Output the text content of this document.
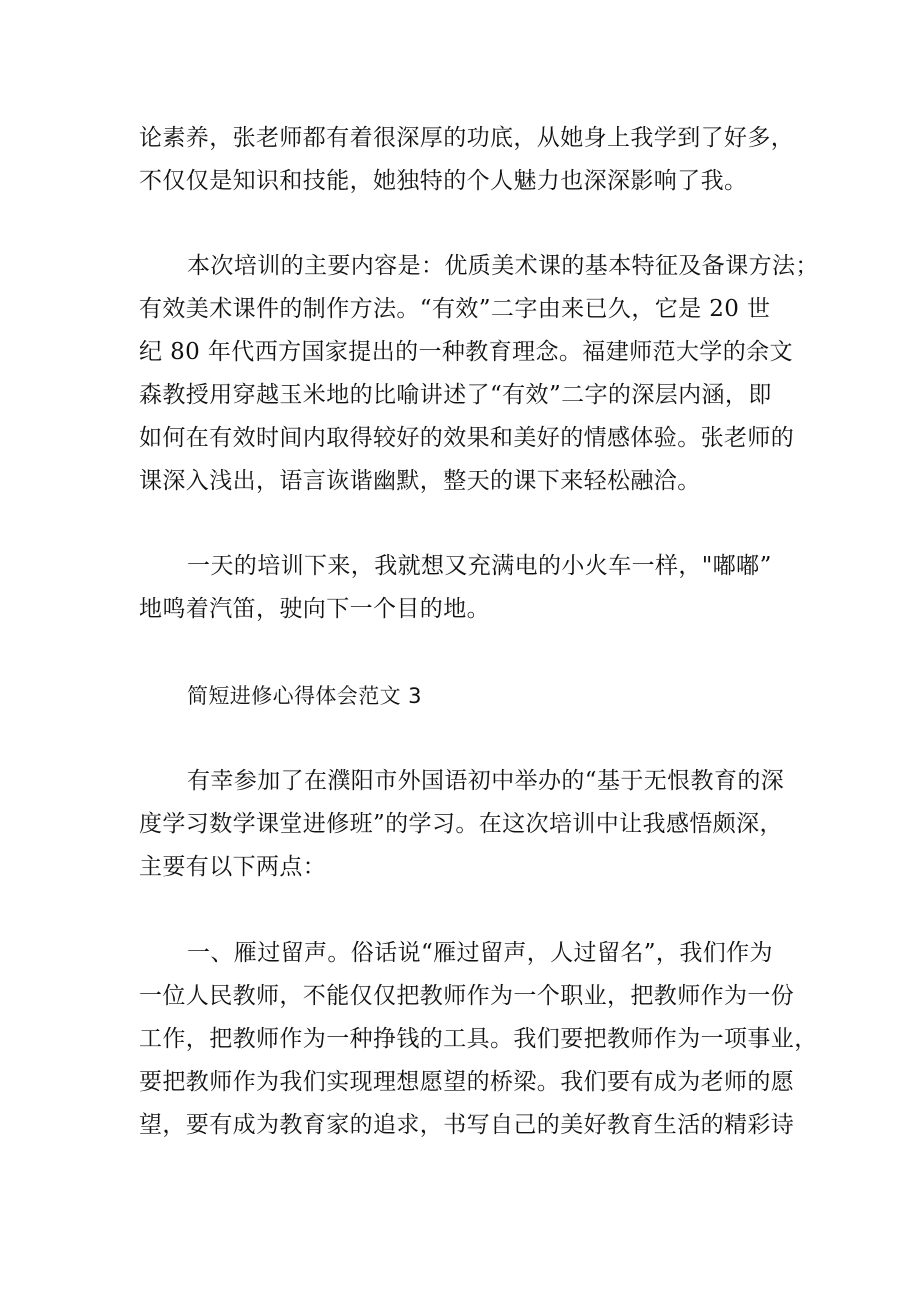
论素养，张老师都有着很深厚的功底，从她身上我学到了好多，
不仅仅是知识和技能，她独特的个人魅力也深深影响了我。
本次培训的主要内容是：优质美术课的基本特征及备课方法；
有效美术课件的制作方法。“有效”二字由来已久，它是 20 世
纪 80 年代西方国家提出的一种教育理念。福建师范大学的余文
森教授用穿越玉米地的比喻讲述了“有效”二字的深层内涵，即
如何在有效时间内取得较好的效果和美好的情感体验。张老师的
课深入浅出，语言诙谐幽默，整天的课下来轻松融洽。
一天的培训下来，我就想又充满电的小火车一样，"嘟嘟”
地鸣着汽笛，驶向下一个目的地。
简短进修心得体会范文 3
有幸参加了在濮阳市外国语初中举办的“基于无恨教育的深
度学习数学课堂进修班”的学习。在这次培训中让我感悟颇深，
主要有以下两点：
一、雁过留声。俗话说“雁过留声，人过留名”，我们作为
一位人民教师，不能仅仅把教师作为一个职业，把教师作为一份
工作，把教师作为一种挣钱的工具。我们要把教师作为一项事业，
要把教师作为我们实现理想愿望的桥梁。我们要有成为老师的愿
望，要有成为教育家的追求，书写自己的美好教育生活的精彩诗
